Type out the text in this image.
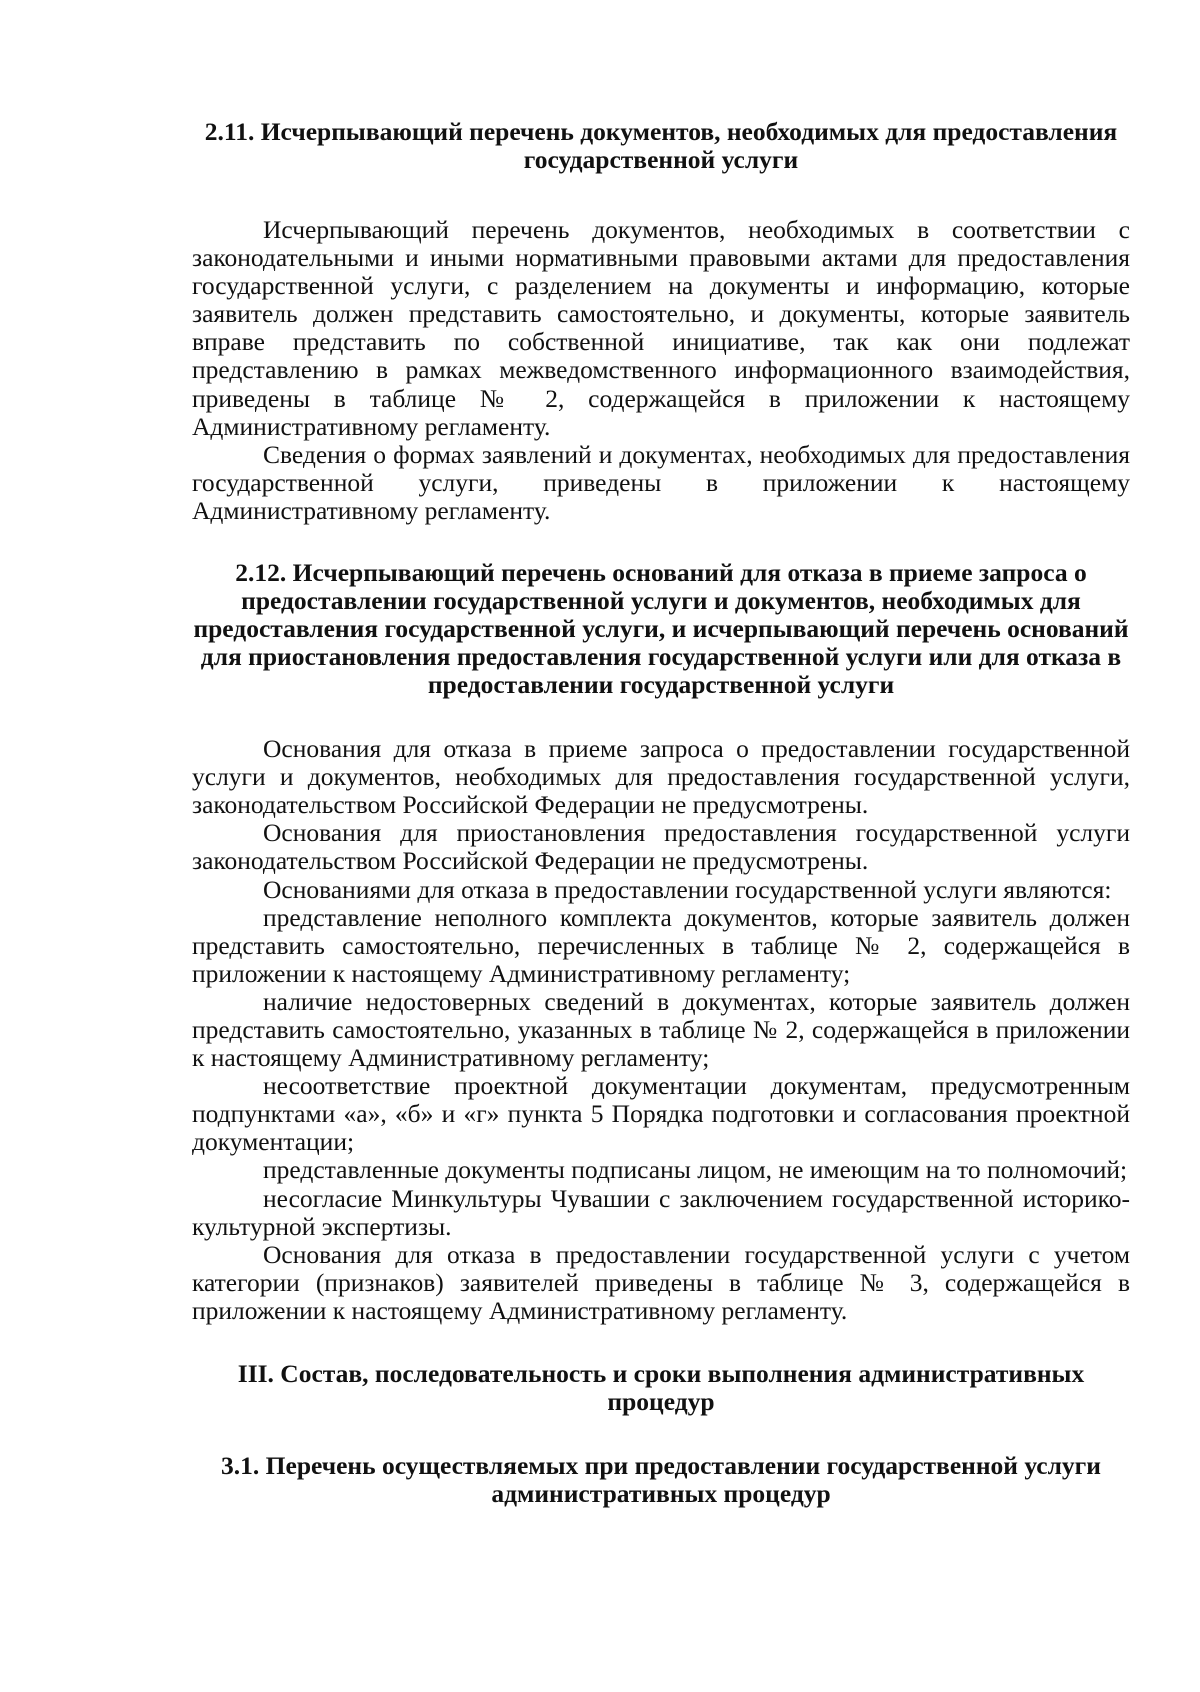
2.11. Исчерпывающий перечень документов, необходимых для предоставления государственной услуги

Исчерпывающий перечень документов, необходимых в соответствии с законодательными и иными нормативными правовыми актами для предоставления государственной услуги, с разделением на документы и информацию, которые заявитель должен представить самостоятельно, и документы, которые заявитель вправе представить по собственной инициативе, так как они подлежат представлению в рамках межведомственного информационного взаимодействия, приведены в таблице № 2, содержащейся в приложении к настоящему Административному регламенту.

Сведения о формах заявлений и документах, необходимых для предоставления государственной услуги, приведены в приложении к настоящему Административному регламенту.

2.12. Исчерпывающий перечень оснований для отказа в приеме запроса о предоставлении государственной услуги и документов, необходимых для предоставления государственной услуги, и исчерпывающий перечень оснований для приостановления предоставления государственной услуги или для отказа в предоставлении государственной услуги

Основания для отказа в приеме запроса о предоставлении государственной услуги и документов, необходимых для предоставления государственной услуги, законодательством Российской Федерации не предусмотрены.

Основания для приостановления предоставления государственной услуги законодательством Российской Федерации не предусмотрены.

Основаниями для отказа в предоставлении государственной услуги являются:

представление неполного комплекта документов, которые заявитель должен представить самостоятельно, перечисленных в таблице № 2, содержащейся в приложении к настоящему Административному регламенту;

наличие недостоверных сведений в документах, которые заявитель должен представить самостоятельно, указанных в таблице № 2, содержащейся в приложении к настоящему Административному регламенту;

несоответствие проектной документации документам, предусмотренным подпунктами «а», «б» и «г» пункта 5 Порядка подготовки и согласования проектной документации;

представленные документы подписаны лицом, не имеющим на то полномочий;

несогласие Минкультуры Чувашии с заключением государственной историко-культурной экспертизы.

Основания для отказа в предоставлении государственной услуги с учетом категории (признаков) заявителей приведены в таблице № 3, содержащейся в приложении к настоящему Административному регламенту.

III. Состав, последовательность и сроки выполнения административных процедур
3.1. Перечень осуществляемых при предоставлении государственной услуги административных процедур
